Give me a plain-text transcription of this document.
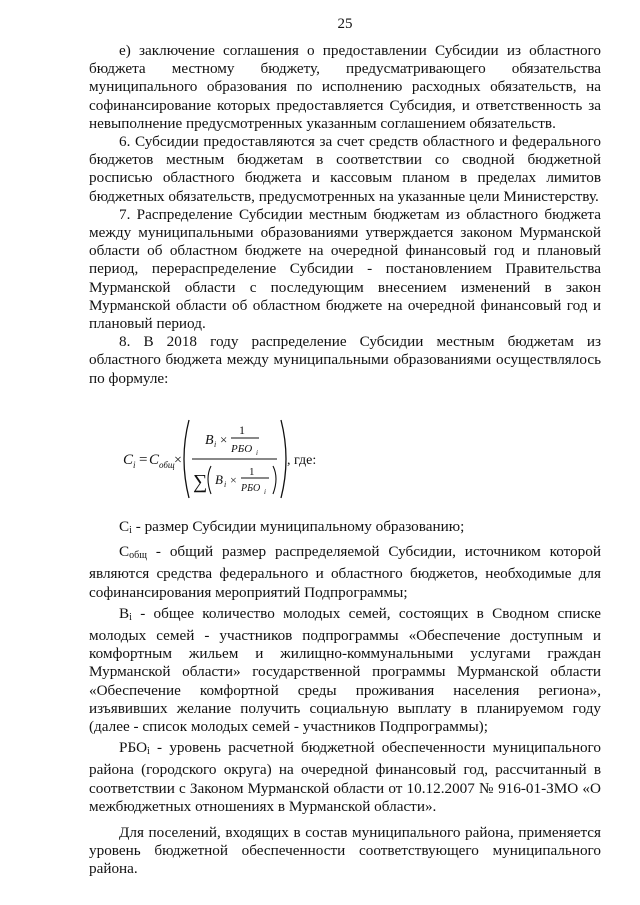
25

е) заключение соглашения о предоставлении Субсидии из областного бюджета местному бюджету, предусматривающего обязательства муниципального образования по исполнению расходных обязательств, на софинансирование которых предоставляется Субсидия, и ответственность за невыполнение предусмотренных указанным соглашением обязательств.

6. Субсидии предоставляются за счет средств областного и федерального бюджетов местным бюджетам в соответствии со сводной бюджетной росписью областного бюджета и кассовым планом в пределах лимитов бюджетных обязательств, предусмотренных на указанные цели Министерству.

7. Распределение Субсидии местным бюджетам из областного бюджета между муниципальными образованиями утверждается законом Мурманской области об областном бюджете на очередной финансовый год и плановый период, перераспределение Субсидии - постановлением Правительства Мурманской области с последующим внесением изменений в закон Мурманской области об областном бюджете на очередной финансовый год и плановый период.

8. В 2018 году распределение Субсидии местным бюджетам из областного бюджета между муниципальными образованиями осуществлялось по формуле:

C i = C общ ×
B i ×
1
РБО i
∑ B i ×
1
РБО i
, где:

$C_i$ - размер Субсидии муниципальному образованию;

$C_{общ}$ - общий размер распределяемой Субсидии, источником которой являются средства федерального и областного бюджетов, необходимые для софинансирования мероприятий Подпрограммы;

$B_i$ - общее количество молодых семей, состоящих в Сводном списке молодых семей - участников подпрограммы «Обеспечение доступным и комфортным жильем и жилищно-коммунальными услугами граждан Мурманской области» государственной программы Мурманской области «Обеспечение комфортной среды проживания населения региона», изъявивших желание получить социальную выплату в планируемом году (далее - список молодых семей - участников Подпрограммы);

$РБО_i$ - уровень расчетной бюджетной обеспеченности муниципального района (городского округа) на очередной финансовый год, рассчитанный в соответствии с Законом Мурманской области от 10.12.2007 № 916-01-ЗМО «О межбюджетных отношениях в Мурманской области».

Для поселений, входящих в состав муниципального района, применяется уровень бюджетной обеспеченности соответствующего муниципального района.
